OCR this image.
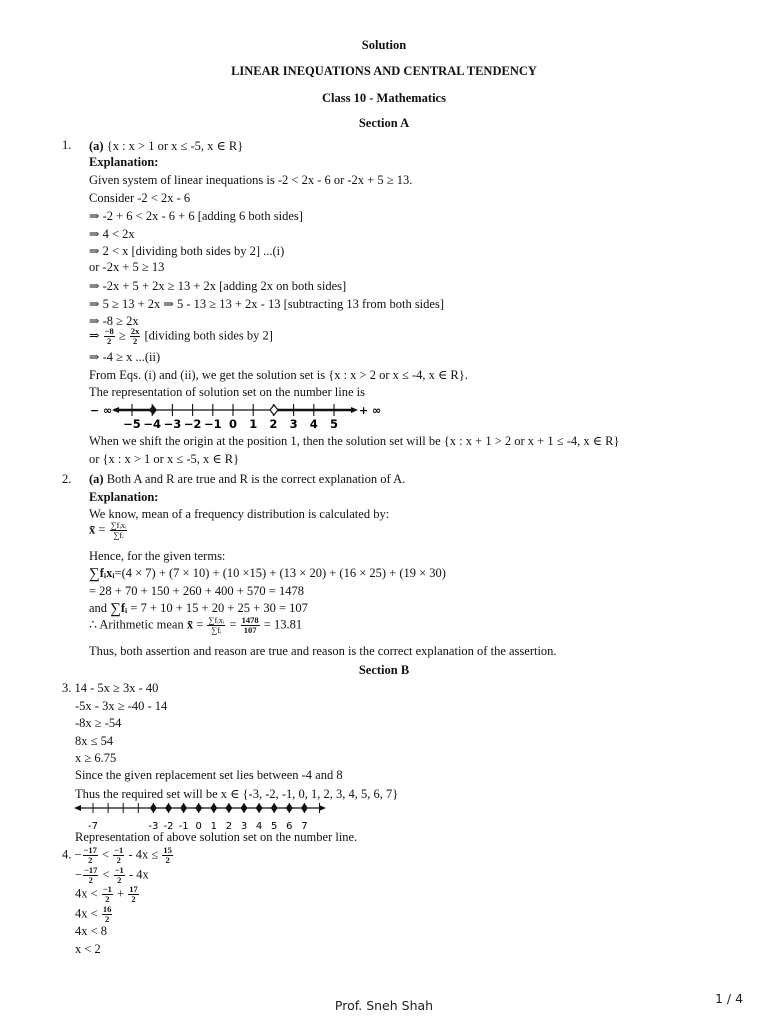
Solution
LINEAR INEQUATIONS AND CENTRAL TENDENCY
Class 10 - Mathematics
Section A
1. (a) {x : x > 1 or x ≤ -5, x ∈ R}
Explanation:
Given system of linear inequations is -2 < 2x - 6 or -2x + 5 ≥ 13.
Consider -2 < 2x - 6
⇒ -2 + 6 < 2x - 6 + 6 [adding 6 both sides]
⇒ 4 < 2x
⇒ 2 < x [dividing both sides by 2] ...(i)
or -2x + 5 ≥ 13
⇒ -2x + 5 + 2x ≥ 13 + 2x [adding 2x on both sides]
⇒ 5 ≥ 13 + 2x ⇒ 5 - 13 ≥ 13 + 2x - 13 [subtracting 13 from both sides]
⇒ -8 ≥ 2x
⇒ $\frac{-8}{2} \ge \frac{2x}{2}$ [dividing both sides by 2]
⇒ -4 ≥ x ...(ii)
From Eqs. (i) and (ii), we get the solution set is {x : x > 2 or x ≤ -4, x ∈ R}.
The representation of solution set on the number line is
− ∞	+ ∞
−5 −4 −3 −2 −1 0 1 2 3 4 5
When we shift the origin at the position 1, then the solution set will be {x : x + 1 > 2 or x + 1 ≤ -4, x ∈ R}
or {x : x > 1 or x ≤ -5, x ∈ R}
2. (a) Both A and R are true and R is the correct explanation of A.
Explanation:
We know, mean of a frequency distribution is calculated by:
x̄ = $\frac{\text{∑fᵢxᵢ}}{\text{∑fᵢ}}$
Hence, for the given terms:
∑fᵢxᵢ=(4 × 7) + (7 × 10) + (10 ×15) + (13 × 20) + (16 × 25) + (19 × 30)
= 28 + 70 + 150 + 260 + 400 + 570 = 1478
and ∑fᵢ = 7 + 10 + 15 + 20 + 25 + 30 = 107
∴ Arithmetic mean x̄ = $\frac{\text{∑fᵢxᵢ}}{\text{∑fᵢ}} = \frac{1478}{107} = 13.81$
Thus, both assertion and reason are true and reason is the correct explanation of the assertion.
Section B
3. 14 - 5x ≥ 3x - 40
-5x - 3x ≥ -40 - 14
-8x ≥ -54
8x ≤ 54
x ≥ 6.75
Since the given replacement set lies between -4 and 8
Thus the required set will be x ∈ {-3, -2, -1, 0, 1, 2, 3, 4, 5, 6, 7}
-7	-3 -2 -1 0 1 2 3 4 5 6 7
Representation of above solution set on the number line.
4. − $\frac{-17}{2} < \frac{-1}{2} - 4x \le \frac{15}{2}$
− $\frac{-17}{2} < \frac{-1}{2} - 4x$
$4x < \frac{-1}{2} + \frac{17}{2}$
$4x < \frac{16}{2}$
4x < 8
x < 2
Prof. Sneh Shah	1 / 4
